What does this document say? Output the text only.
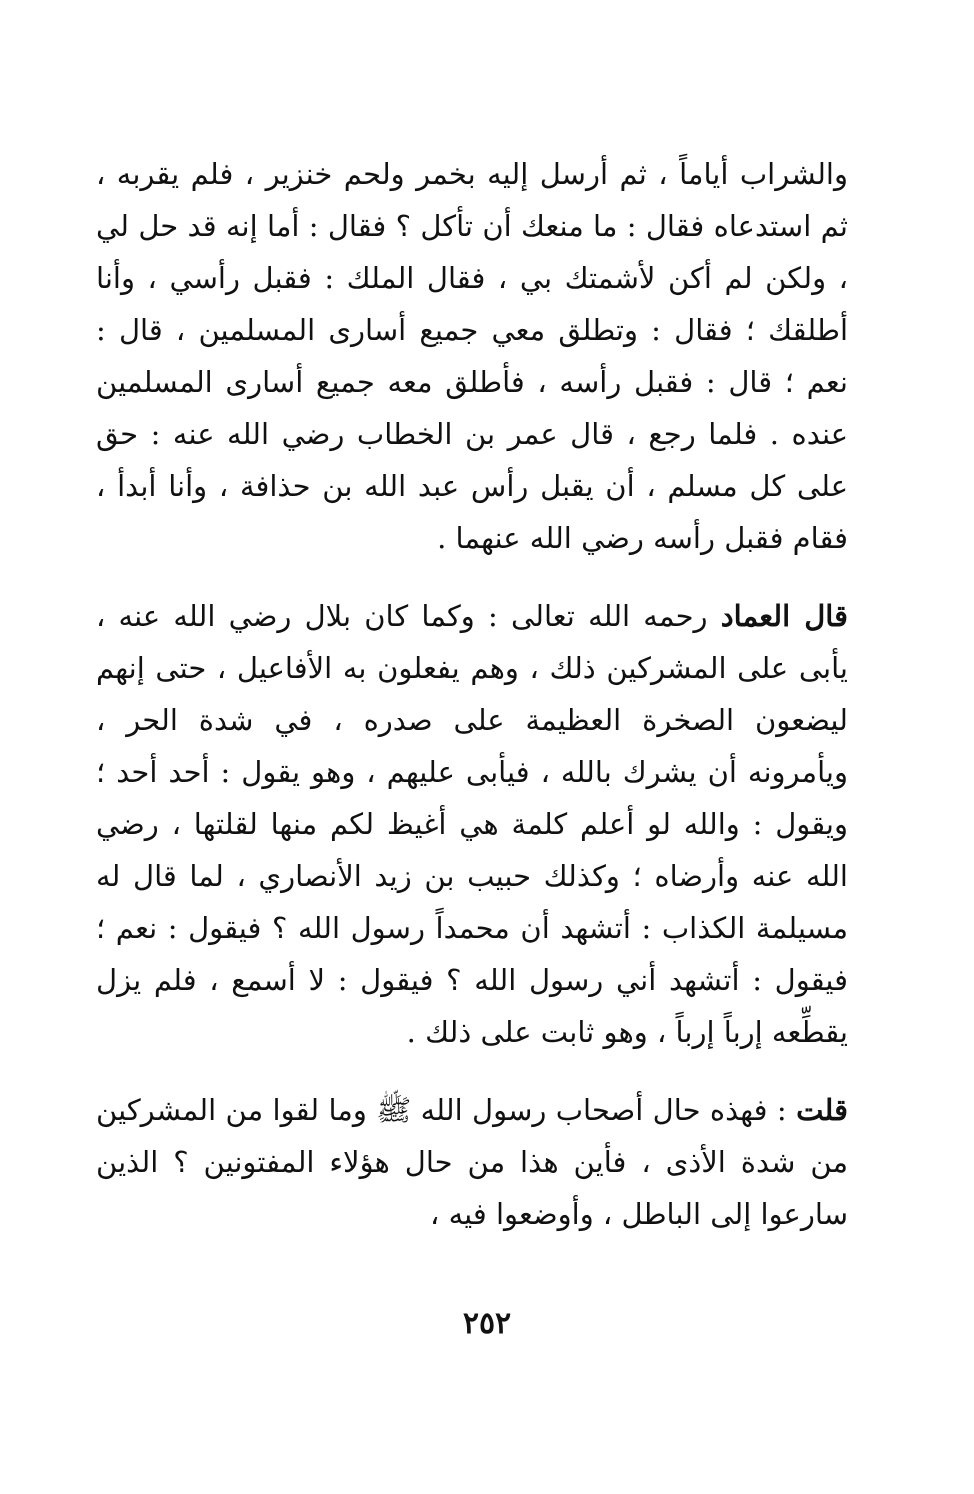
والشراب أياماً ، ثم أرسل إليه بخمر ولحم خنزير ، فلم يقربه ، ثم استدعاه فقال : ما منعك أن تأكل ؟ فقال : أما إنه قد حل لي ، ولكن لم أكن لأشمتك بي ، فقال الملك : فقبل رأسي ، وأنا أطلقك ؛ فقال : وتطلق معي جميع أسارى المسلمين ، قال : نعم ؛ قال : فقبل رأسه ، فأطلق معه جميع أسارى المسلمين عنده . فلما رجع ، قال عمر بن الخطاب رضي الله عنه : حق على كل مسلم ، أن يقبل رأس عبد الله بن حذافة ، وأنا أبدأ ، فقام فقبل رأسه رضي الله عنهما .

قال العماد رحمه الله تعالى : وكما كان بلال رضي الله عنه ، يأبى على المشركين ذلك ، وهم يفعلون به الأفاعيل ، حتى إنهم ليضعون الصخرة العظيمة على صدره ، في شدة الحر ، ويأمرونه أن يشرك بالله ، فيأبى عليهم ، وهو يقول : أحد أحد ؛ ويقول : والله لو أعلم كلمة هي أغيظ لكم منها لقلتها ، رضي الله عنه وأرضاه ؛ وكذلك حبيب بن زيد الأنصاري ، لما قال له مسيلمة الكذاب : أتشهد أن محمداً رسول الله ؟ فيقول : نعم ؛ فيقول : أتشهد أني رسول الله ؟ فيقول : لا أسمع ، فلم يزل يقطِّعه إرباً إرباً ، وهو ثابت على ذلك .

قلت : فهذه حال أصحاب رسول الله ﷺ وما لقوا من المشركين من شدة الأذى ، فأين هذا من حال هؤلاء المفتونين ؟ الذين سارعوا إلى الباطل ، وأوضعوا فيه ،

٢٥٢
